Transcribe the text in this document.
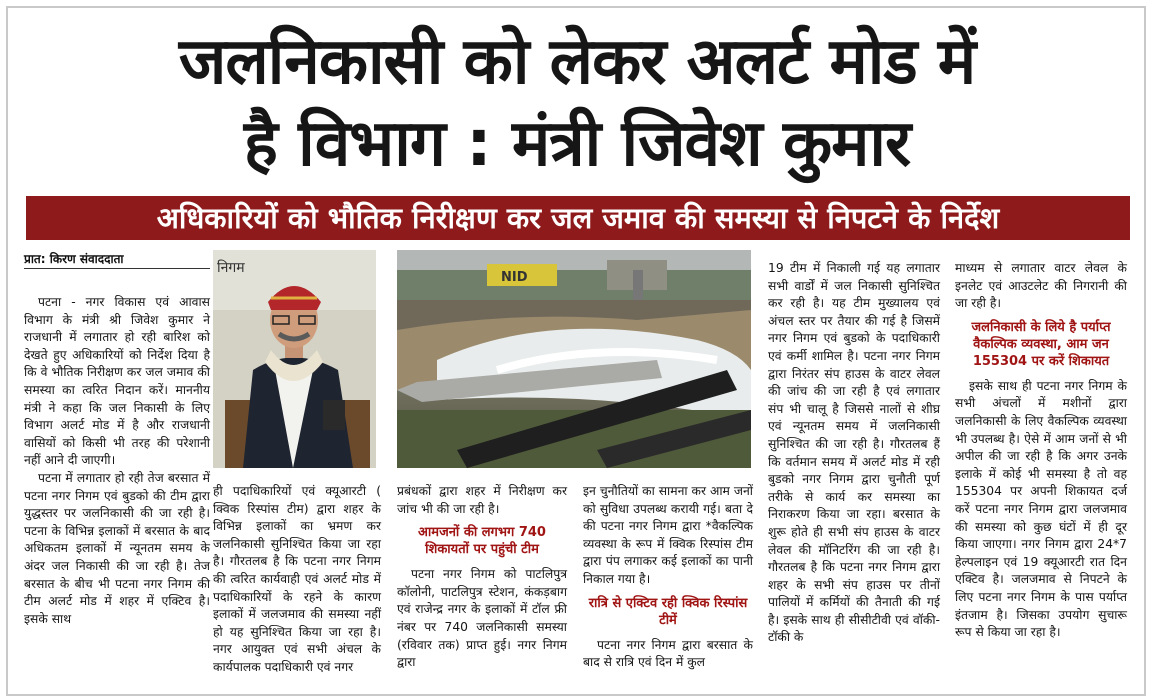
जलनिकासी को लेकर अलर्ट मोड में
है विभाग : मंत्री जिवेश कुमार
अधिकारियों को भौतिक निरीक्षण कर जल जमाव की समस्या से निपटने के निर्देश
प्रात: किरण संवाददाता

पटना - नगर विकास एवं आवास विभाग के मंत्री श्री जिवेश कुमार ने राजधानी में लगातार हो रही बारिश को देखते हुए अधिकारियों को निर्देश दिया है कि वे भौतिक निरीक्षण कर जल जमाव की समस्या का त्वरित निदान करें। माननीय मंत्री ने कहा कि जल निकासी के लिए विभाग अलर्ट मोड में है और राजधानी वासियों को किसी भी तरह की परेशानी नहीं आने दी जाएगी।

पटना में लगातार हो रही तेज बरसात में पटना नगर निगम एवं बुडको की टीम द्वारा युद्धस्तर पर जलनिकासी की जा रही है। पटना के विभिन्न इलाकों में बरसात के बाद अधिकतम इलाकों में न्यूनतम समय के अंदर जल निकासी की जा रही है। तेज बरसात के बीच भी पटना नगर निगम की टीम अलर्ट मोड में शहर में एक्टिव है। इसके साथ

निगम
NID

ही पदाधिकारियों एवं क्यूआरटी ( क्विक रिस्पांस टीम) द्वारा शहर के विभिन्न इलाकों का भ्रमण कर जलनिकासी सुनिश्चित किया जा रहा है। गौरतलब है कि पटना नगर निगम की त्वरित कार्यवाही एवं अलर्ट मोड में पदाधिकारियों के रहने के कारण इलाकों में जलजमाव की समस्या नहीं हो यह सुनिश्चित किया जा रहा है। नगर आयुक्त एवं सभी अंचल के कार्यपालक पदाधिकारी एवं नगर

प्रबंधकों द्वारा शहर में निरीक्षण कर जांच भी की जा रही है।

आमजनों की लगभग 740 शिकायतों पर पहुंची टीम

पटना नगर निगम को पाटलिपुत्र कॉलोनी, पाटलिपुत्र स्टेशन, कंकड़बाग एवं राजेन्द्र नगर के इलाकों में टॉल फ्री नंबर पर 740 जलनिकासी समस्या (रविवार तक) प्राप्त हुई। नगर निगम द्वारा

इन चुनौतियों का सामना कर आम जनों को सुविधा उपलब्ध करायी गई। बता दे की पटना नगर निगम द्वारा *वैकल्पिक व्यवस्था के रूप में क्विक रिस्पांस टीम द्वारा पंप लगाकर कई इलाकों का पानी निकाल गया है।

रात्रि से एक्टिव रही क्विक रिस्पांस टीमें

पटना नगर निगम द्वारा बरसात के बाद से रात्रि एवं दिन में कुल

19 टीम में निकाली गई यह लगातार सभी वार्डों में जल निकासी सुनिश्चित कर रही है। यह टीम मुख्यालय एवं अंचल स्तर पर तैयार की गई है जिसमें नगर निगम एवं बुडको के पदाधिकारी एवं कर्मी शामिल है। पटना नगर निगम द्वारा निरंतर संप हाउस के वाटर लेवल की जांच की जा रही है एवं लगातार संप भी चालू है जिससे नालों से शीघ्र एवं न्यूनतम समय में जलनिकासी सुनिश्चित की जा रही है। गौरतलब हैं कि वर्तमान समय में अलर्ट मोड में रही बुडको नगर निगम द्वारा चुनौती पूर्ण तरीके से कार्य कर समस्या का निराकरण किया जा रहा। बरसात के शुरू होते ही सभी संप हाउस के वाटर लेवल की मॉनिटरिंग की जा रही है। गौरतलब है कि पटना नगर निगम द्वारा शहर के सभी संप हाउस पर तीनों पालियों में कर्मियों की तैनाती की गई है। इसके साथ ही सीसीटीवी एवं वॉकी-टॉकी के

माध्यम से लगातार वाटर लेवल के इनलेट एवं आउटलेट की निगरानी की जा रही है।

जलनिकासी के लिये है पर्याप्त वैकल्पिक व्यवस्था, आम जन 155304 पर करें शिकायत

इसके साथ ही पटना नगर निगम के सभी अंचलों में मशीनों द्वारा जलनिकासी के लिए वैकल्पिक व्यवस्था भी उपलब्ध है। ऐसे में आम जनों से भी अपील की जा रही है कि अगर उनके इलाके में कोई भी समस्या है तो वह 155304 पर अपनी शिकायत दर्ज करें पटना नगर निगम द्वारा जलजमाव की समस्या को कुछ घंटों में ही दूर किया जाएगा। नगर निगम द्वारा 24*7 हेल्पलाइन एवं 19 क्यूआरटी रात दिन एक्टिव है। जलजमाव से निपटने के लिए पटना नगर निगम के पास पर्याप्त इंतजाम है। जिसका उपयोग सुचारू रूप से किया जा रहा है।
